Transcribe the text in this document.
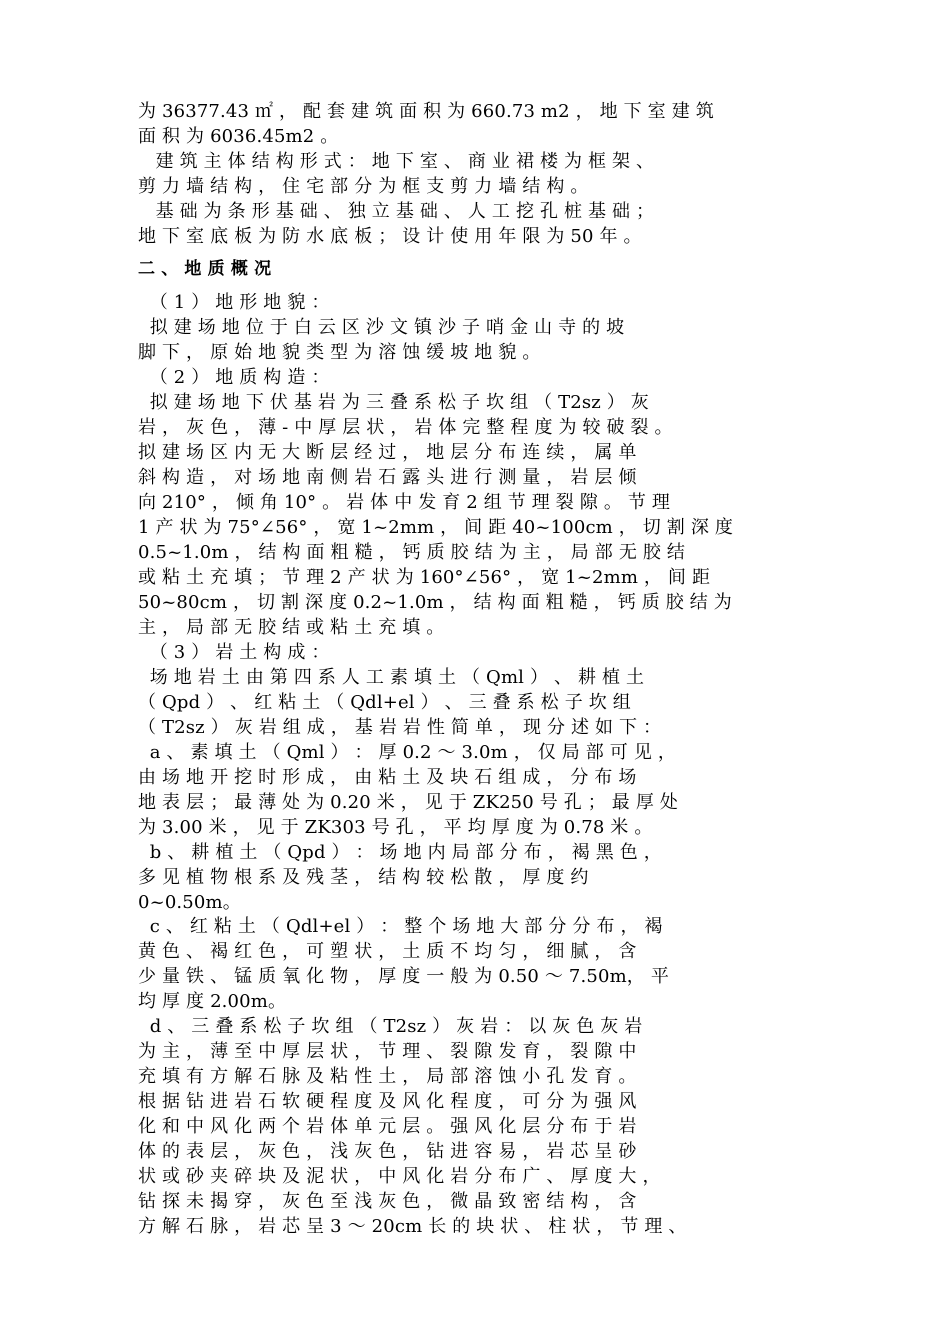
为 36377.43 ㎡ ， 配 套 建 筑 面 积 为 660.73 m2 ， 地 下 室 建 筑
面 积 为 6036.45m2 。
建 筑 主 体 结 构 形 式 ： 地 下 室 、 商 业 裙 楼 为 框 架 、
剪 力 墙 结 构 ， 住 宅 部 分 为 框 支 剪 力 墙 结 构 。
基 础 为 条 形 基 础 、 独 立 基 础 、 人 工 挖 孔 桩 基 础 ；
地 下 室 底 板 为 防 水 底 板 ； 设 计 使 用 年 限 为 50 年 。
二 、 地 质 概 况
（ 1 ） 地 形 地 貌 ：
拟 建 场 地 位 于 白 云 区 沙 文 镇 沙 子 哨 金 山 寺 的 坡
脚 下 ， 原 始 地 貌 类 型 为 溶 蚀 缓 坡 地 貌 。
（ 2 ） 地 质 构 造 ：
拟 建 场 地 下 伏 基 岩 为 三 叠 系 松 子 坎 组 （ T2sz ） 灰
岩 ， 灰 色 ， 薄 - 中 厚 层 状 ， 岩 体 完 整 程 度 为 较 破 裂 。
拟 建 场 区 内 无 大 断 层 经 过 ， 地 层 分 布 连 续 ， 属 单
斜 构 造 ， 对 场 地 南 侧 岩 石 露 头 进 行 测 量 ， 岩 层 倾
向 210° ， 倾 角 10° 。 岩 体 中 发 育 2 组 节 理 裂 隙 。 节 理
1 产 状 为 75°∠56° ， 宽 1~2mm ， 间 距 40~100cm ， 切 割 深 度
0.5~1.0m ， 结 构 面 粗 糙 ， 钙 质 胶 结 为 主 ， 局 部 无 胶 结
或 粘 土 充 填 ； 节 理 2 产 状 为 160°∠56° ， 宽 1~2mm ， 间 距
50~80cm ， 切 割 深 度 0.2~1.0m ， 结 构 面 粗 糙 ， 钙 质 胶 结 为
主 ， 局 部 无 胶 结 或 粘 土 充 填 。
（ 3 ） 岩 土 构 成 ：
场 地 岩 土 由 第 四 系 人 工 素 填 土 （ Qml ） 、 耕 植 土
（ Qpd ） 、 红 粘 土 （ Qdl+el ） 、 三 叠 系 松 子 坎 组
（ T2sz ） 灰 岩 组 成 ， 基 岩 岩 性 简 单 ， 现 分 述 如 下 ：
a 、 素 填 土 （ Qml ） ： 厚 0.2 ～ 3.0m ， 仅 局 部 可 见 ，
由 场 地 开 挖 时 形 成 ， 由 粘 土 及 块 石 组 成 ， 分 布 场
地 表 层 ； 最 薄 处 为 0.20 米 ， 见 于 ZK250 号 孔 ； 最 厚 处
为 3.00 米 ， 见 于 ZK303 号 孔 ， 平 均 厚 度 为 0.78 米 。
b 、 耕 植 土 （ Qpd ） ： 场 地 内 局 部 分 布 ， 褐 黑 色 ，
多 见 植 物 根 系 及 残 茎 ， 结 构 较 松 散 ， 厚 度 约
0~0.50m。
c 、 红 粘 土 （ Qdl+el ） ： 整 个 场 地 大 部 分 分 布 ， 褐
黄 色 、 褐 红 色 ， 可 塑 状 ， 土 质 不 均 匀 ， 细 腻 ， 含
少 量 铁 、 锰 质 氧 化 物 ， 厚 度 一 般 为 0.50 ～ 7.50m， 平
均 厚 度 2.00m。
d 、 三 叠 系 松 子 坎 组 （ T2sz ） 灰 岩 ： 以 灰 色 灰 岩
为 主 ， 薄 至 中 厚 层 状 ， 节 理 、 裂 隙 发 育 ， 裂 隙 中
充 填 有 方 解 石 脉 及 粘 性 土 ， 局 部 溶 蚀 小 孔 发 育 。
根 据 钻 进 岩 石 软 硬 程 度 及 风 化 程 度 ， 可 分 为 强 风
化 和 中 风 化 两 个 岩 体 单 元 层 。 强 风 化 层 分 布 于 岩
体 的 表 层 ， 灰 色 ， 浅 灰 色 ， 钻 进 容 易 ， 岩 芯 呈 砂
状 或 砂 夹 碎 块 及 泥 状 ， 中 风 化 岩 分 布 广 、 厚 度 大 ，
钻 探 未 揭 穿 ， 灰 色 至 浅 灰 色 ， 微 晶 致 密 结 构 ， 含
方 解 石 脉 ， 岩 芯 呈 3 ～ 20cm 长 的 块 状 、 柱 状 ， 节 理 、
